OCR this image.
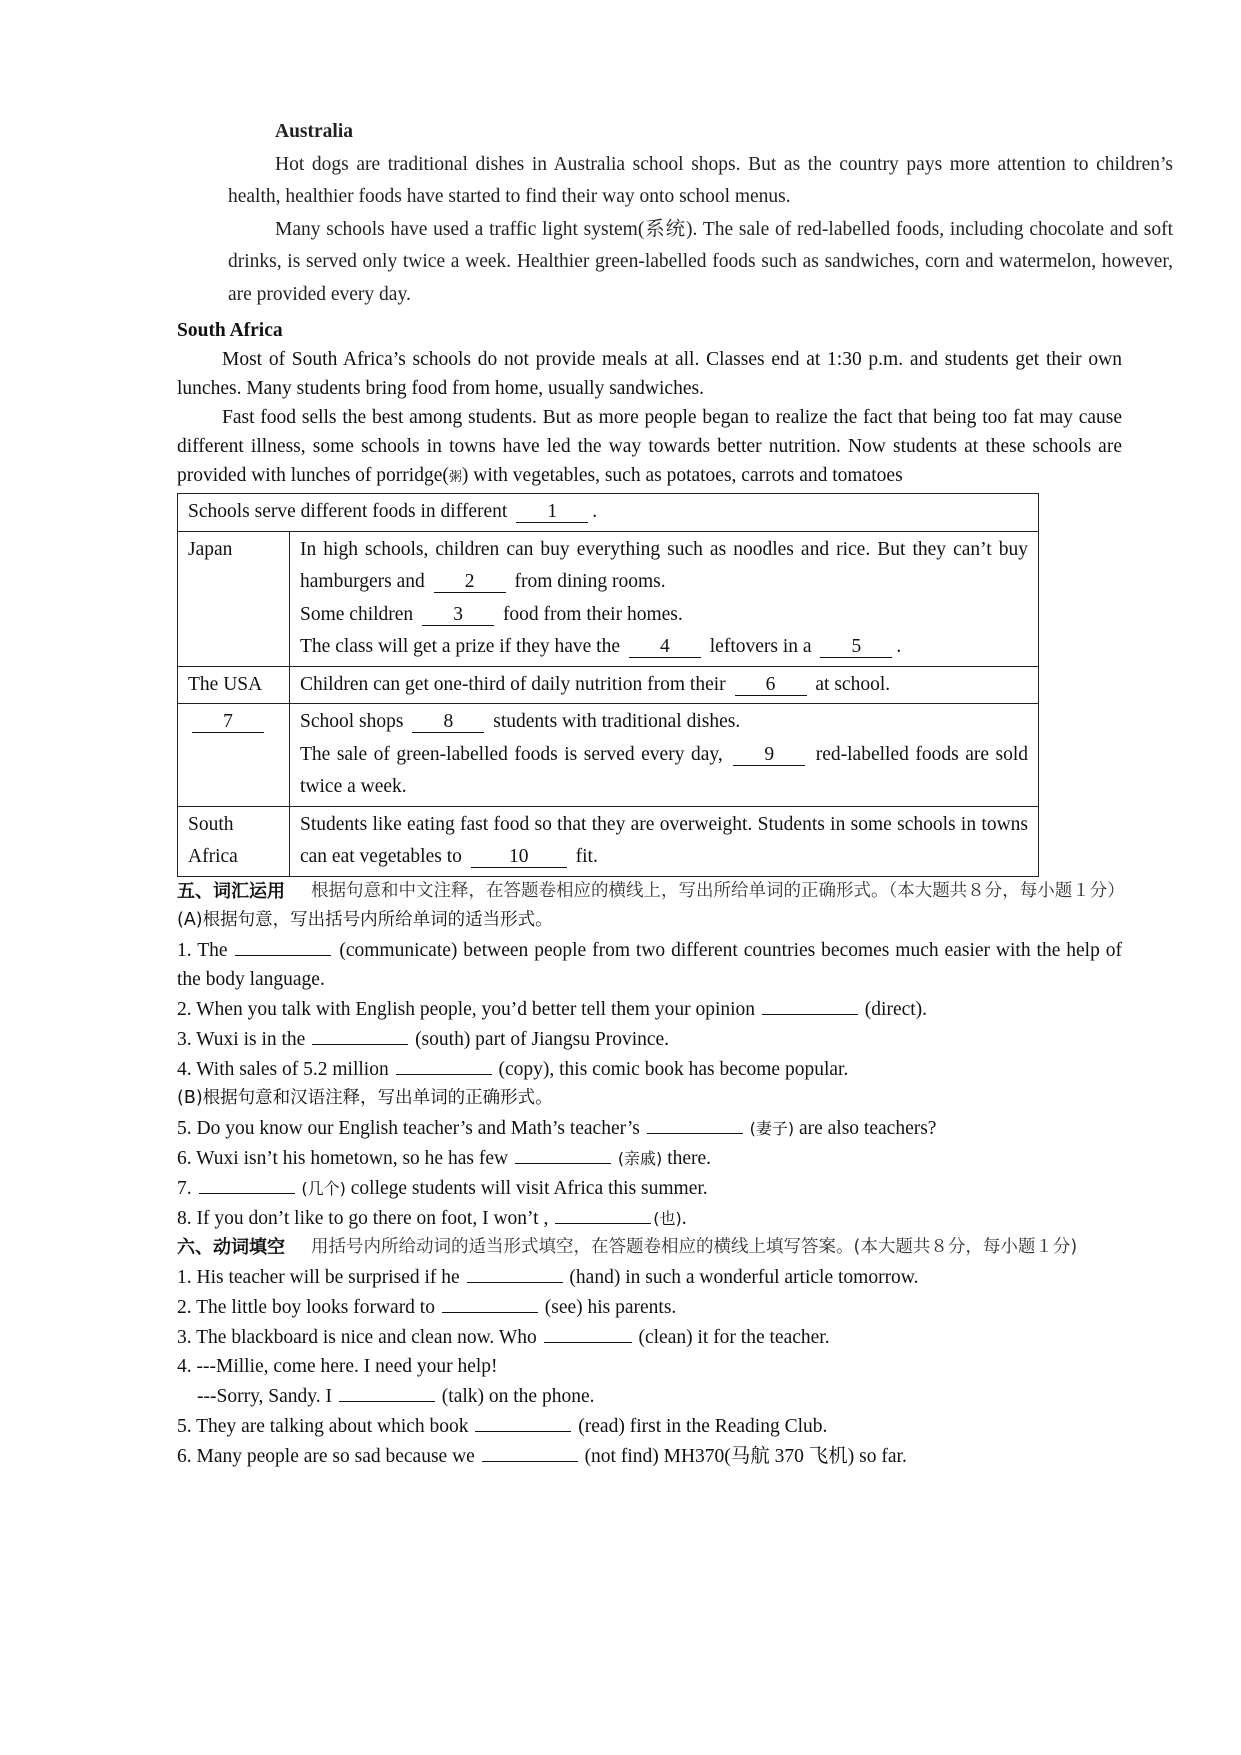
Australia

Hot dogs are traditional dishes in Australia school shops. But as the country pays more attention to children’s health, healthier foods have started to find their way onto school menus.

Many schools have used a traffic light system(系统). The sale of red-labelled foods, including chocolate and soft drinks, is served only twice a week. Healthier green-labelled foods such as sandwiches, corn and watermelon, however, are provided every day.

South Africa

Most of South Africa’s schools do not provide meals at all. Classes end at 1:30 p.m. and students get their own lunches. Many students bring food from home, usually sandwiches.

Fast food sells the best among students. But as more people began to realize the fact that being too fat may cause different illness, some schools in towns have led the way towards better nutrition. Now students at these schools are provided with lunches of porridge(粥) with vegetables, such as potatoes, carrots and tomatoes

Schools serve different foods in different 1 .	
Japan	In high schools, children can buy everything such as noodles and rice. But they can’t buy hamburgers and 2 from dining rooms.
Some children 3 food from their homes.
The class will get a prize if they have the 4 leftovers in a 5 .
The USA	Children can get one-third of daily nutrition from their 6 at school.
7	School shops 8 students with traditional dishes.
The sale of green-labelled foods is served every day, 9 red-labelled foods are sold twice a week.
South Africa	Students like eating fast food so that they are overweight. Students in some schools in towns can eat vegetables to 10 fit.
五、词汇运用 根据句意和中文注释，在答题卷相应的横线上，写出所给单词的正确形式。（本大题共８分，每小题１分）

(A)根据句意，写出括号内所给单词的适当形式。

1. The	(communicate) between people from two different countries becomes much easier with the help of the body language.

2. When you talk with English people, you’d better tell them your opinion	(direct).

3. Wuxi is in the	(south) part of Jiangsu Province.

4. With sales of 5.2 million	(copy), this comic book has become popular.

(B)根据句意和汉语注释，写出单词的正确形式。

5. Do you know our English teacher’s and Math’s teacher’s	(妻子) are also teachers?

6. Wuxi isn’t his hometown, so he has few	(亲戚) there.

7.	(几个) college students will visit Africa this summer.

8. If you don’t like to go there on foot, I won’t ,	(也).

六、动词填空 用括号内所给动词的适当形式填空，在答题卷相应的横线上填写答案。(本大题共８分，每小题１分)

1. His teacher will be surprised if he	(hand) in such a wonderful article tomorrow.

2. The little boy looks forward to	(see) his parents.

3. The blackboard is nice and clean now. Who	(clean) it for the teacher.

4. ---Millie, come here. I need your help!

---Sorry, Sandy. I	(talk) on the phone.

5. They are talking about which book	(read) first in the Reading Club.

6. Many people are so sad because we	(not find) MH370(马航 370 飞机) so far.
